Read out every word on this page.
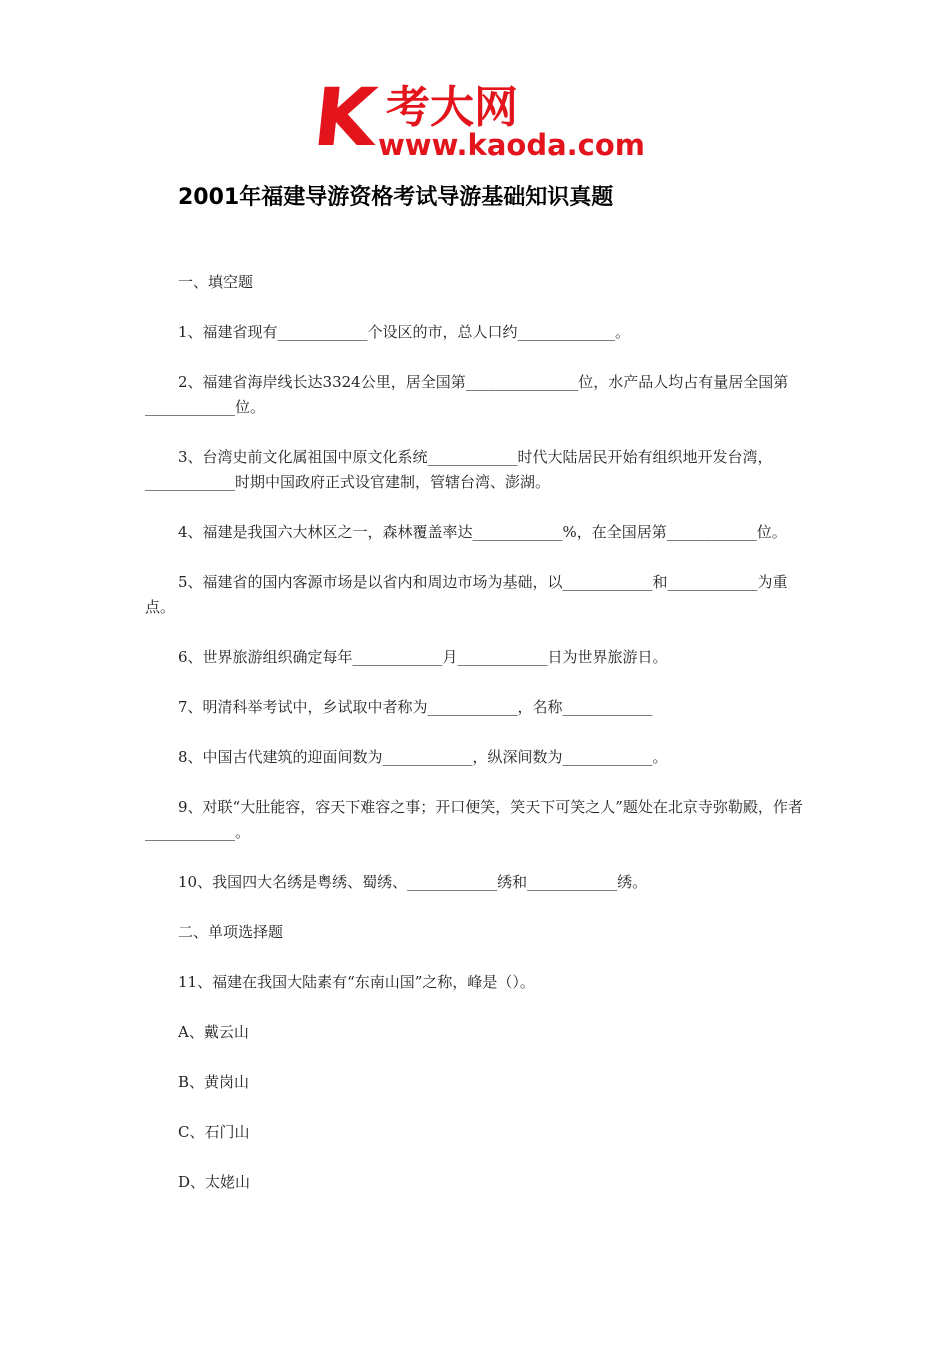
K 考大网
www.kaoda.com
2001年福建导游资格考试导游基础知识真题

一、填空题

1、福建省现有____________个设区的市，总人口约_____________。

2、福建省海岸线长达3324公里，居全国第_______________位，水产品人均占有量居全国第____________位。

3、台湾史前文化属祖国中原文化系统____________时代大陆居民开始有组织地开发台湾，____________时期中国政府正式设官建制，管辖台湾、澎湖。

4、福建是我国六大林区之一，森林覆盖率达____________%，在全国居第____________位。

5、福建省的国内客源市场是以省内和周边市场为基础，以____________和____________为重点。

6、世界旅游组织确定每年____________月____________日为世界旅游日。

7、明清科举考试中，乡试取中者称为____________，名称____________

8、中国古代建筑的迎面间数为____________，纵深间数为____________。

9、对联“大肚能容，容天下难容之事；开口便笑，笑天下可笑之人”题处在北京寺弥勒殿，作者____________。

10、我国四大名绣是粤绣、蜀绣、____________绣和____________绣。

二、单项选择题

11、福建在我国大陆素有“东南山国”之称，峰是（）。

A、戴云山

B、黄岗山

C、石门山

D、太姥山
